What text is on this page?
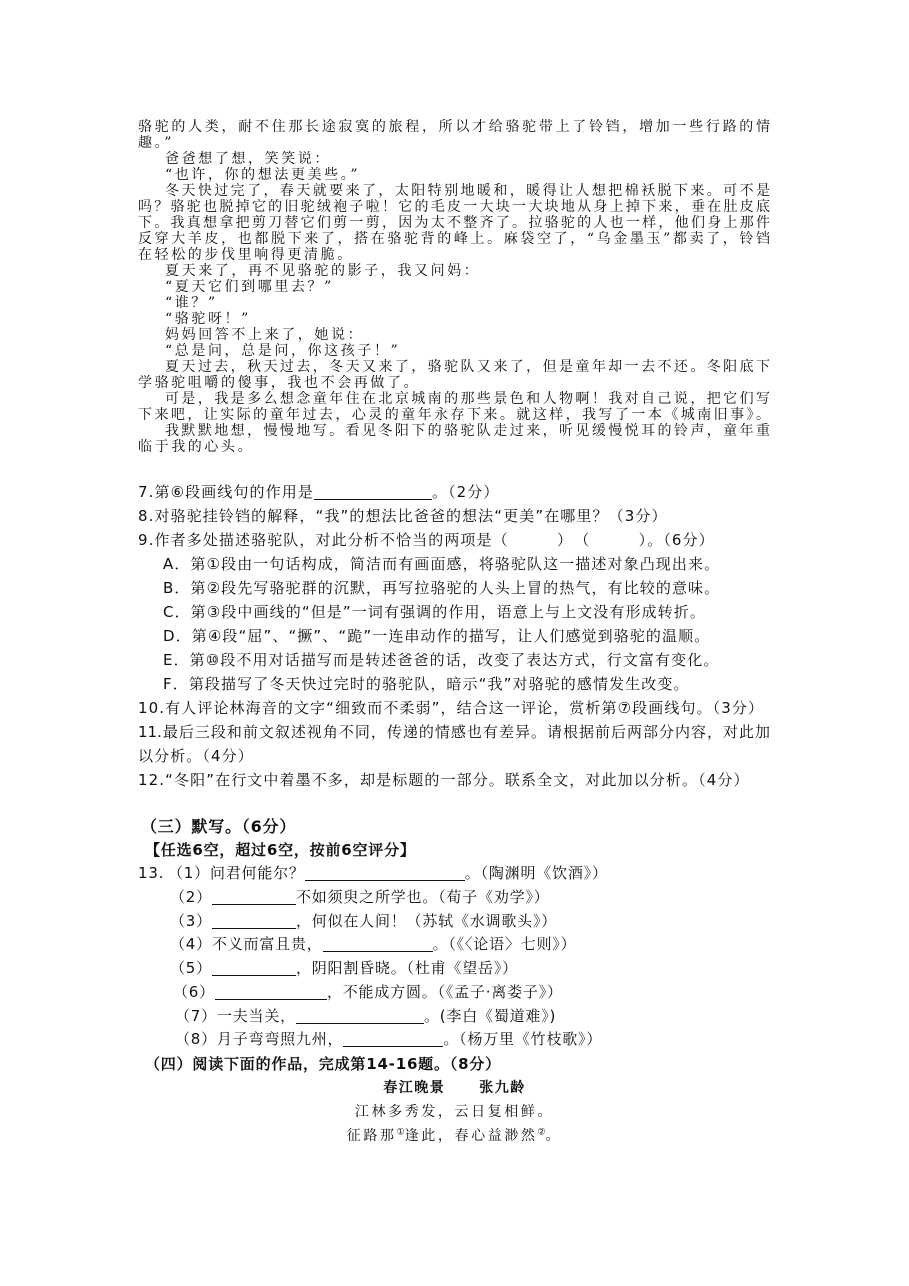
骆驼的人类，耐不住那长途寂寞的旅程，所以才给骆驼带上了铃铛，增加一些行路的情
趣。”
爸爸想了想，笑笑说：
“也许，你的想法更美些。”
冬天快过完了，春天就要来了，太阳特别地暖和，暖得让人想把棉袄脱下来。可不是
吗？骆驼也脱掉它的旧驼绒袍子啦！它的毛皮一大块一大块地从身上掉下来，垂在肚皮底
下。我真想拿把剪刀替它们剪一剪，因为太不整齐了。拉骆驼的人也一样，他们身上那件
反穿大羊皮，也都脱下来了，搭在骆驼背的峰上。麻袋空了，“乌金墨玉”都卖了，铃铛
在轻松的步伐里响得更清脆。
夏天来了，再不见骆驼的影子，我又问妈：
“夏天它们到哪里去？”
“谁？”
“骆驼呀！”
妈妈回答不上来了，她说：
“总是问，总是问，你这孩子！”
夏天过去，秋天过去，冬天又来了，骆驼队又来了，但是童年却一去不还。冬阳底下
学骆驼咀嚼的傻事，我也不会再做了。
可是，我是多么想念童年住在北京城南的那些景色和人物啊！我对自己说，把它们写
下来吧，让实际的童年过去，心灵的童年永存下来。就这样，我写了一本《城南旧事》。
我默默地想，慢慢地写。看见冬阳下的骆驼队走过来，听见缓慢悦耳的铃声，童年重
临于我的心头。
7.第⑥段画线句的作用是	。（2分）
8.对骆驼挂铃铛的解释，“我”的想法比爸爸的想法“更美”在哪里？（3分）
9.作者多处描述骆驼队，对此分析不恰当的两项是（　　　）　（　　　）。（6分）
A．第①段由一句话构成，简洁而有画面感，将骆驼队这一描述对象凸现出来。
B．第②段先写骆驼群的沉默，再写拉骆驼的人头上冒的热气，有比较的意味。
C．第③段中画线的“但是”一词有强调的作用，语意上与上文没有形成转折。
D．第④段“屈”、“撅”、“跪”一连串动作的描写，让人们感觉到骆驼的温顺。
E．第⑩段不用对话描写而是转述爸爸的话，改变了表达方式，行文富有变化。
F．第段描写了冬天快过完时的骆驼队，暗示“我”对骆驼的感情发生改变。
10.有人评论林海音的文字“细致而不柔弱”，结合这一评论，赏析第⑦段画线句。（3分）
11.最后三段和前文叙述视角不同，传递的情感也有差异。请根据前后两部分内容，对此加
以分析。（4分）
12.“冬阳”在行文中着墨不多，却是标题的一部分。联系全文，对此加以分析。（4分）
（三）默写。（6分）
【任选6空，超过6空，按前6空评分】
13. （1）问君何能尔？	。（陶渊明《饮酒》）
（2）	不如须臾之所学也。（荀子《劝学》）
（3）	，何似在人间！（苏轼《水调歌头》）
（4）不义而富且贵，	。（《〈论语〉七则》）
（5）	，阴阳割昏晓。（杜甫《望岳》）
（6）	，不能成方圆。（《孟子·离娄子》）
（7）一夫当关，	。(李白《蜀道难》)
（8）月子弯弯照九州，	。（杨万里《竹枝歌》）
（四）阅读下面的作品，完成第14-16题。（8分）
春江晚景 张九龄
江林多秀发，云日复相鲜。
征路那①逢此，春心益渺然②。
